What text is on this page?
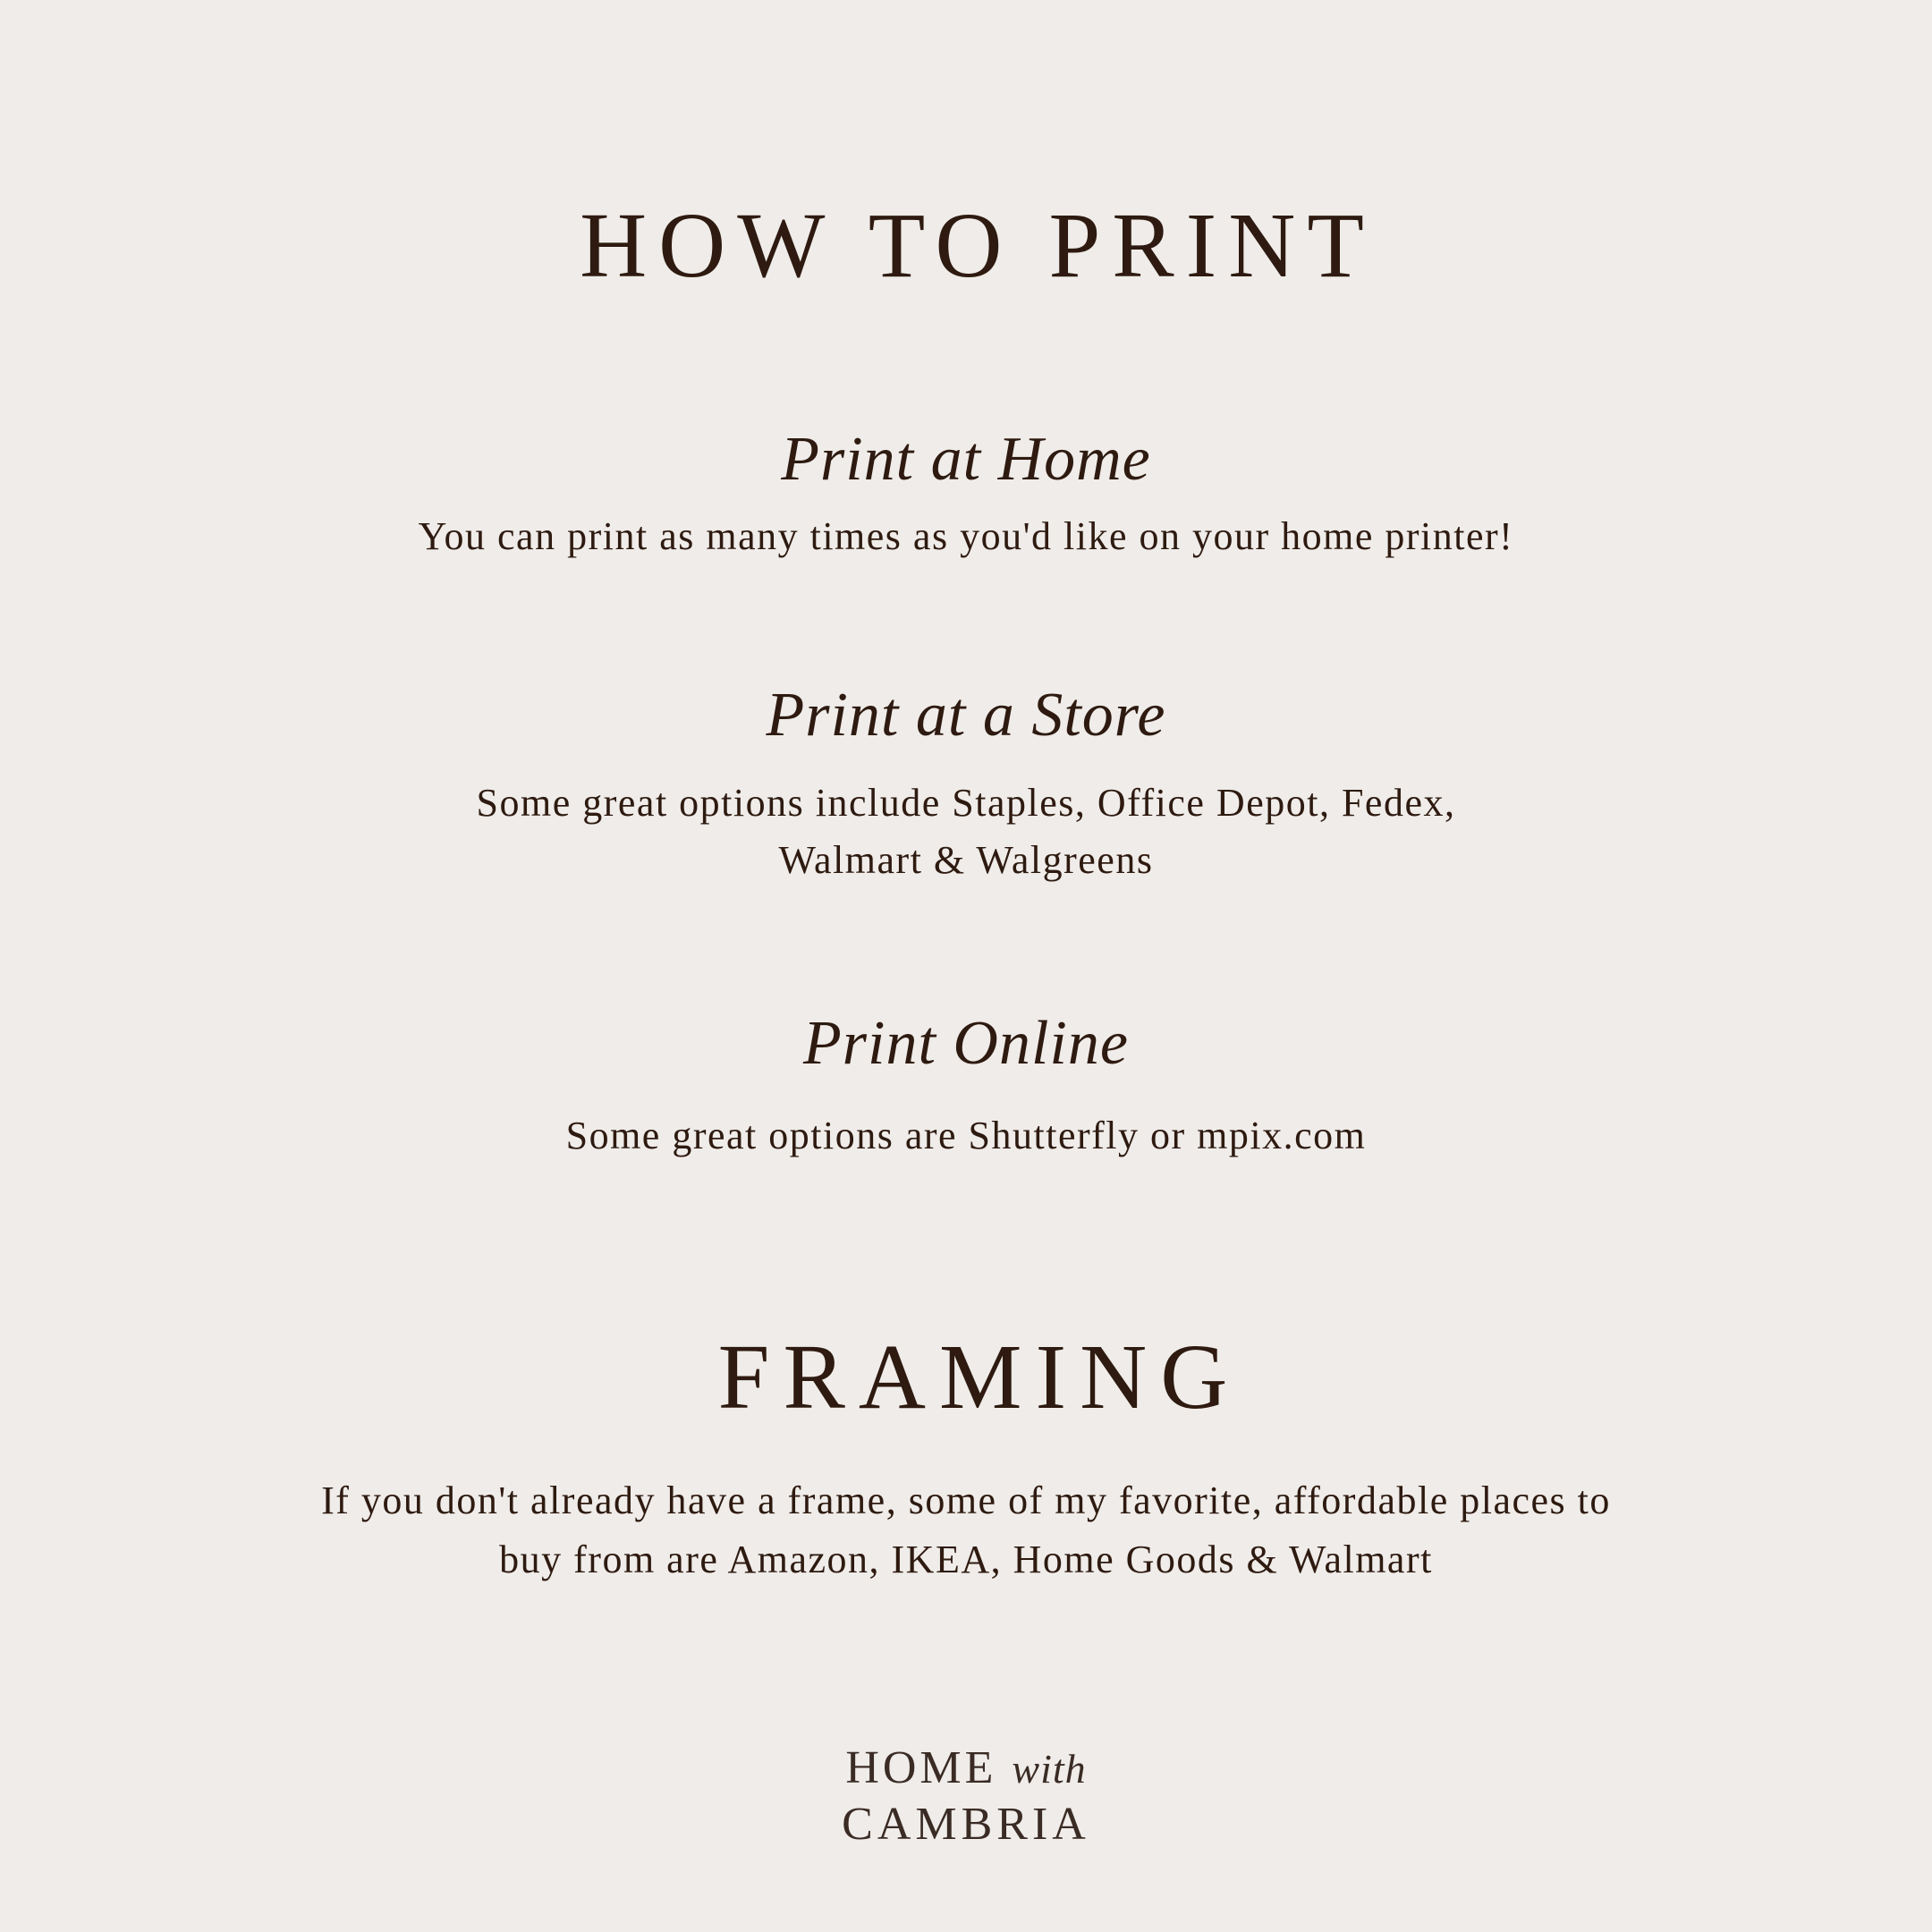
HOW TO PRINT
Print at Home
You can print as many times as you'd like on your home printer!
Print at a Store
Some great options include Staples, Office Depot, Fedex,
Walmart & Walgreens
Print Online
Some great options are Shutterfly or mpix.com
FRAMING
If you don't already have a frame, some of my favorite, affordable places to
buy from are Amazon, IKEA, Home Goods & Walmart
HOME with
CAMBRIA
